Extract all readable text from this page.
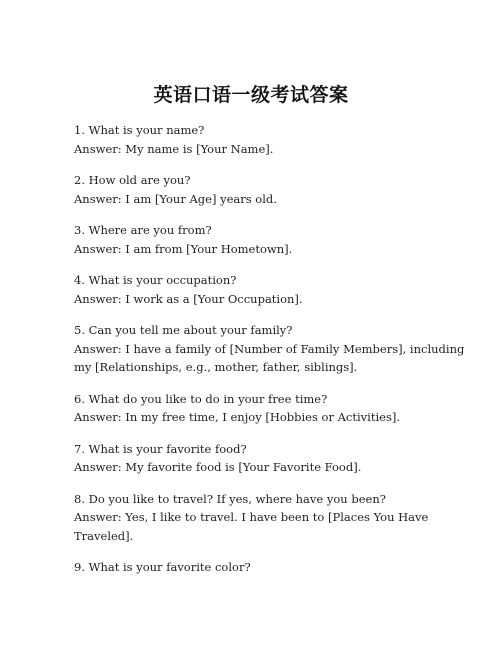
英语口语一级考试答案
1. What is your name?
Answer: My name is [Your Name].
2. How old are you?
Answer: I am [Your Age] years old.
3. Where are you from?
Answer: I am from [Your Hometown].
4. What is your occupation?
Answer: I work as a [Your Occupation].
5. Can you tell me about your family?
Answer: I have a family of [Number of Family Members], including my [Relationships, e.g., mother, father, siblings].
6. What do you like to do in your free time?
Answer: In my free time, I enjoy [Hobbies or Activities].
7. What is your favorite food?
Answer: My favorite food is [Your Favorite Food].
8. Do you like to travel? If yes, where have you been?
Answer: Yes, I like to travel. I have been to [Places You Have Traveled].
9. What is your favorite color?
